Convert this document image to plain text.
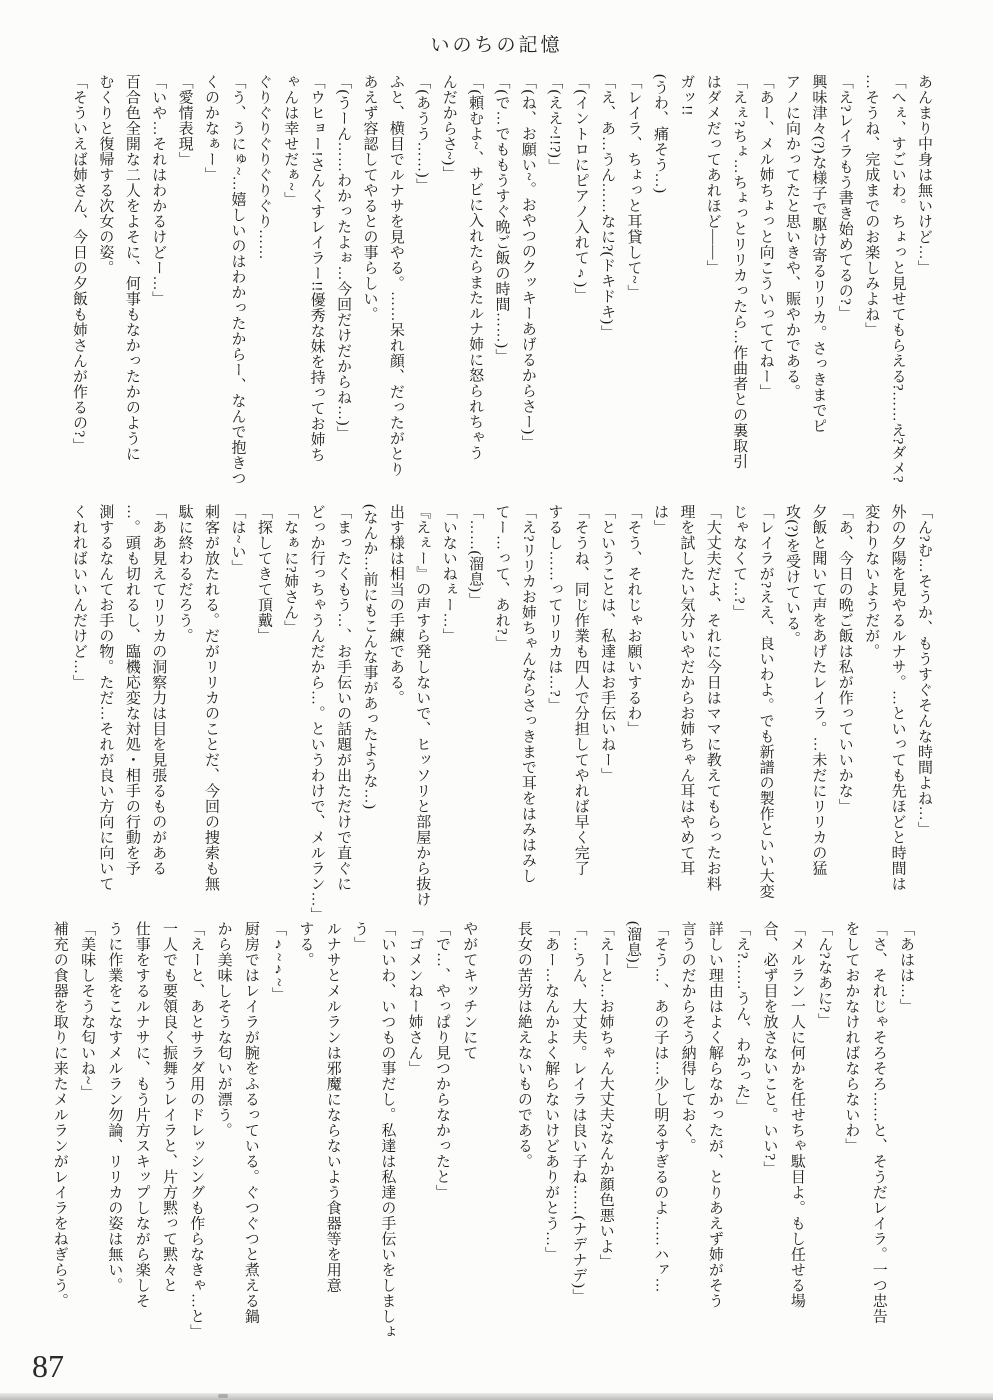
いのちの記憶
あんまり中身は無いけど…」
「へぇ、すごいわ。ちょっと見せてもらえる?……え?ダメ?
…そうね、完成までのお楽しみよね」
「え?レイラもう書き始めてるの?」
興味津々(?)な様子で駆け寄るリリカ。さっきまでピ
アノに向かってたと思いきや、賑やかである。
「あー、メル姉ちょっと向こういっててねー」
「えぇ?ちょ…ちょっとリリカったら…作曲者との裏取引
はダメだってあれほど――」
ガッ!!
(うわ、痛そう…)
「レイラ、ちょっと耳貸して~」
「え、あ…うん……なに?(ドキドキ)」
「(イントロにピアノ入れて♪)」
「(ええ~!!?)」
「(ね、お願い~。おやつのクッキーあげるからさー)」
「(で…でももうすぐ晩ご飯の時間……)」
「(頼むよ~、サビに入れたらまたルナ姉に怒られちゃう
んだからさ~)」
「(あうう……)」
ふと、横目でルナサを見やる。……呆れ顔、だったがとり
あえず容認してやるとの事らしい。
「(うーん……わかったよぉ…今回だけだからね…)」
「ウヒョー!さんくすレイラー!!優秀な妹を持ってお姉ち
ゃんは幸せだぁ~」
ぐりぐりぐりぐりぐり……
「う、うにゅ~…嬉しいのはわかったからー、なんで抱きつ
くのかなぁー」
「愛情表現」
「いや…それはわかるけどー…」
百合色全開な二人をよそに、何事もなかったかのように
むくりと復帰する次女の姿。
「そういえば姉さん、今日の夕飯も姉さんが作るの?」
「ん?む…そうか、もうすぐそんな時間よね…」
外の夕陽を見やるルナサ。…といっても先ほどと時間は
変わりないようだが。
「あ、今日の晩ご飯は私が作っていいかな」
夕飯と聞いて声をあげたレイラ。…未だにリリカの猛
攻(?)を受けている。
「レイラが?ええ、良いわよ。でも新譜の製作といい大変
じゃなくて…?」
「大丈夫だよ、それに今日はママに教えてもらったお料
理を試したい気分いやだからお姉ちゃん耳はやめて耳
は」
「そう、それじゃお願いするわ」
「ということは、私達はお手伝いねー」
「そうね、同じ作業も四人で分担してやれば早く完了
するし……ってリリカは…?」
「え?リリカお姉ちゃんならさっきまで耳をはみはみし
てー…って、あれ?」
「……(溜息)」
「いないねぇー…」
『えぇー』の声すら発しないで、ヒッソリと部屋から抜け
出す様は相当の手練である。
(なんか…前にもこんな事があったような…)
「まったくもう…、お手伝いの話題が出ただけで直ぐに
どっか行っちゃうんだから…。というわけで、メルラン…」
「なぁに?姉さん」
「探してきて頂戴」
「は~い」
刺客が放たれる。だがリリカのことだ、今回の捜索も無
駄に終わるだろう。
「ああ見えてリリカの洞察力は目を見張るものがある
…。頭も切れるし、臨機応変な対処・相手の行動を予
測するなんてお手の物。ただ…それが良い方向に向いて
くれればいいんだけど…」
「あはは…」
「さ、それじゃそろそろ……と、そうだレイラ。一つ忠告
をしておかなければならないわ」
「ん?なあに?」
「メルラン一人に何かを任せちゃ駄目よ。もし任せる場
合、必ず目を放さないこと。いい?」
「え?……うん、わかった」
詳しい理由はよく解らなかったが、とりあえず姉がそう
言うのだからそう納得しておく。
「そう…、あの子は…少し明るすぎるのよ……ハァ…
(溜息)」
「えーと…お姉ちゃん大丈夫?なんか顔色悪いよ」
「…うん、大丈夫。レイラは良い子ね……(ナデナデ)」
「あー…なんかよく解らないけどありがとう…」
長女の苦労は絶えないものである。

やがてキッチンにて
「で…、やっぱり見つからなかったと」
「ゴメンねー姉さん」
「いいわ、いつもの事だし。私達は私達の手伝いをしましょ
う」
ルナサとメルランは邪魔にならないよう食器等を用意
する。
「♪~♪~」
厨房ではレイラが腕をふるっている。ぐつぐつと煮える鍋
から美味しそうな匂いが漂う。
「えーと、あとサラダ用のドレッシングも作らなきゃ…と」
一人でも要領良く振舞うレイラと、片方黙って黙々と
仕事をするルナサに、もう片方スキップしながら楽しそ
うに作業をこなすメルラン勿論、リリカの姿は無い。
「美味しそうな匂いね~」
補充の食器を取りに来たメルランがレイラをねぎらう。
87
